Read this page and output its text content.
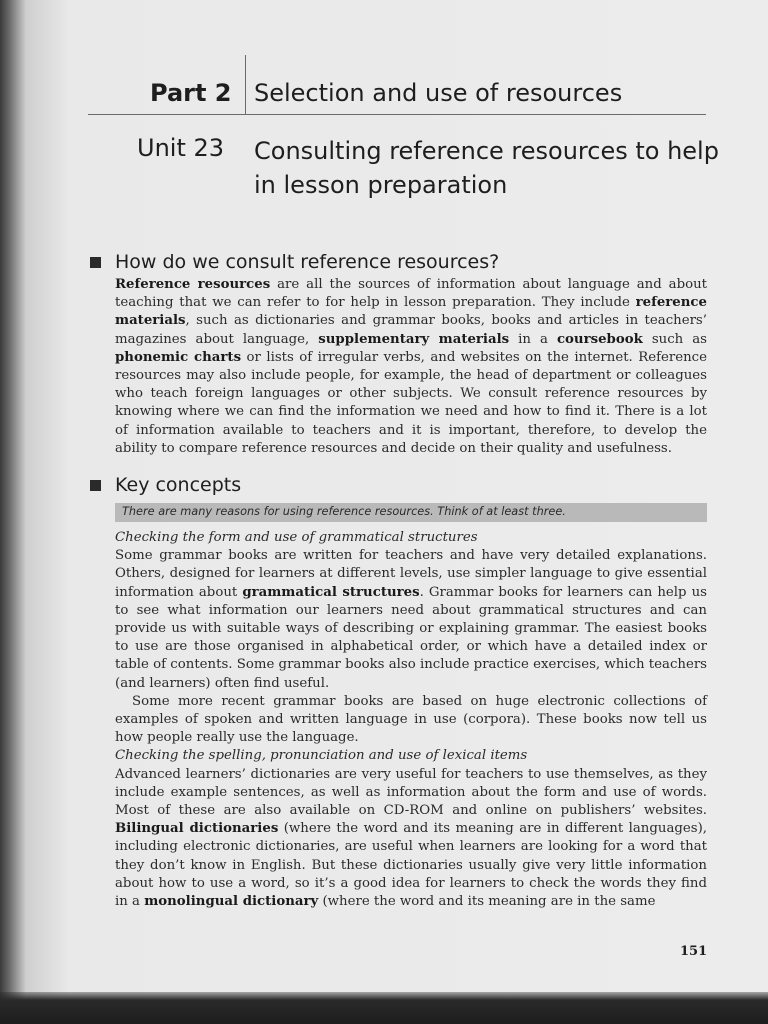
Part 2 Selection and use of resources
Unit 23 Consulting reference resources to help in lesson preparation
How do we consult reference resources?

Reference resources are all the sources of information about language and about teaching that we can refer to for help in lesson preparation. They include reference materials, such as dictionaries and grammar books, books and articles in teachers’ magazines about language, supplementary materials in a coursebook such as phonemic charts or lists of irregular verbs, and websites on the internet. Reference resources may also include people, for example, the head of department or colleagues who teach foreign languages or other subjects. We consult reference resources by knowing where we can find the information we need and how to find it. There is a lot of information available to teachers and it is important, therefore, to develop the ability to compare reference resources and decide on their quality and usefulness.

Key concepts
There are many reasons for using reference resources. Think of at least three.

Checking the form and use of grammatical structures

Some grammar books are written for teachers and have very detailed explanations. Others, designed for learners at different levels, use simpler language to give essential information about grammatical structures. Grammar books for learners can help us to see what information our learners need about grammatical structures and can provide us with suitable ways of describing or explaining grammar. The easiest books to use are those organised in alphabetical order, or which have a detailed index or table of contents. Some grammar books also include practice exercises, which teachers (and learners) often find useful.

Some more recent grammar books are based on huge electronic collections of examples of spoken and written language in use (corpora). These books now tell us how people really use the language.

Checking the spelling, pronunciation and use of lexical items

Advanced learners’ dictionaries are very useful for teachers to use themselves, as they include example sentences, as well as information about the form and use of words. Most of these are also available on CD-ROM and online on publishers’ websites. Bilingual dictionaries (where the word and its meaning are in different languages), including electronic dictionaries, are useful when learners are looking for a word that they don’t know in English. But these dictionaries usually give very little information about how to use a word, so it’s a good idea for learners to check the words they find in a monolingual dictionary (where the word and its meaning are in the same

151
